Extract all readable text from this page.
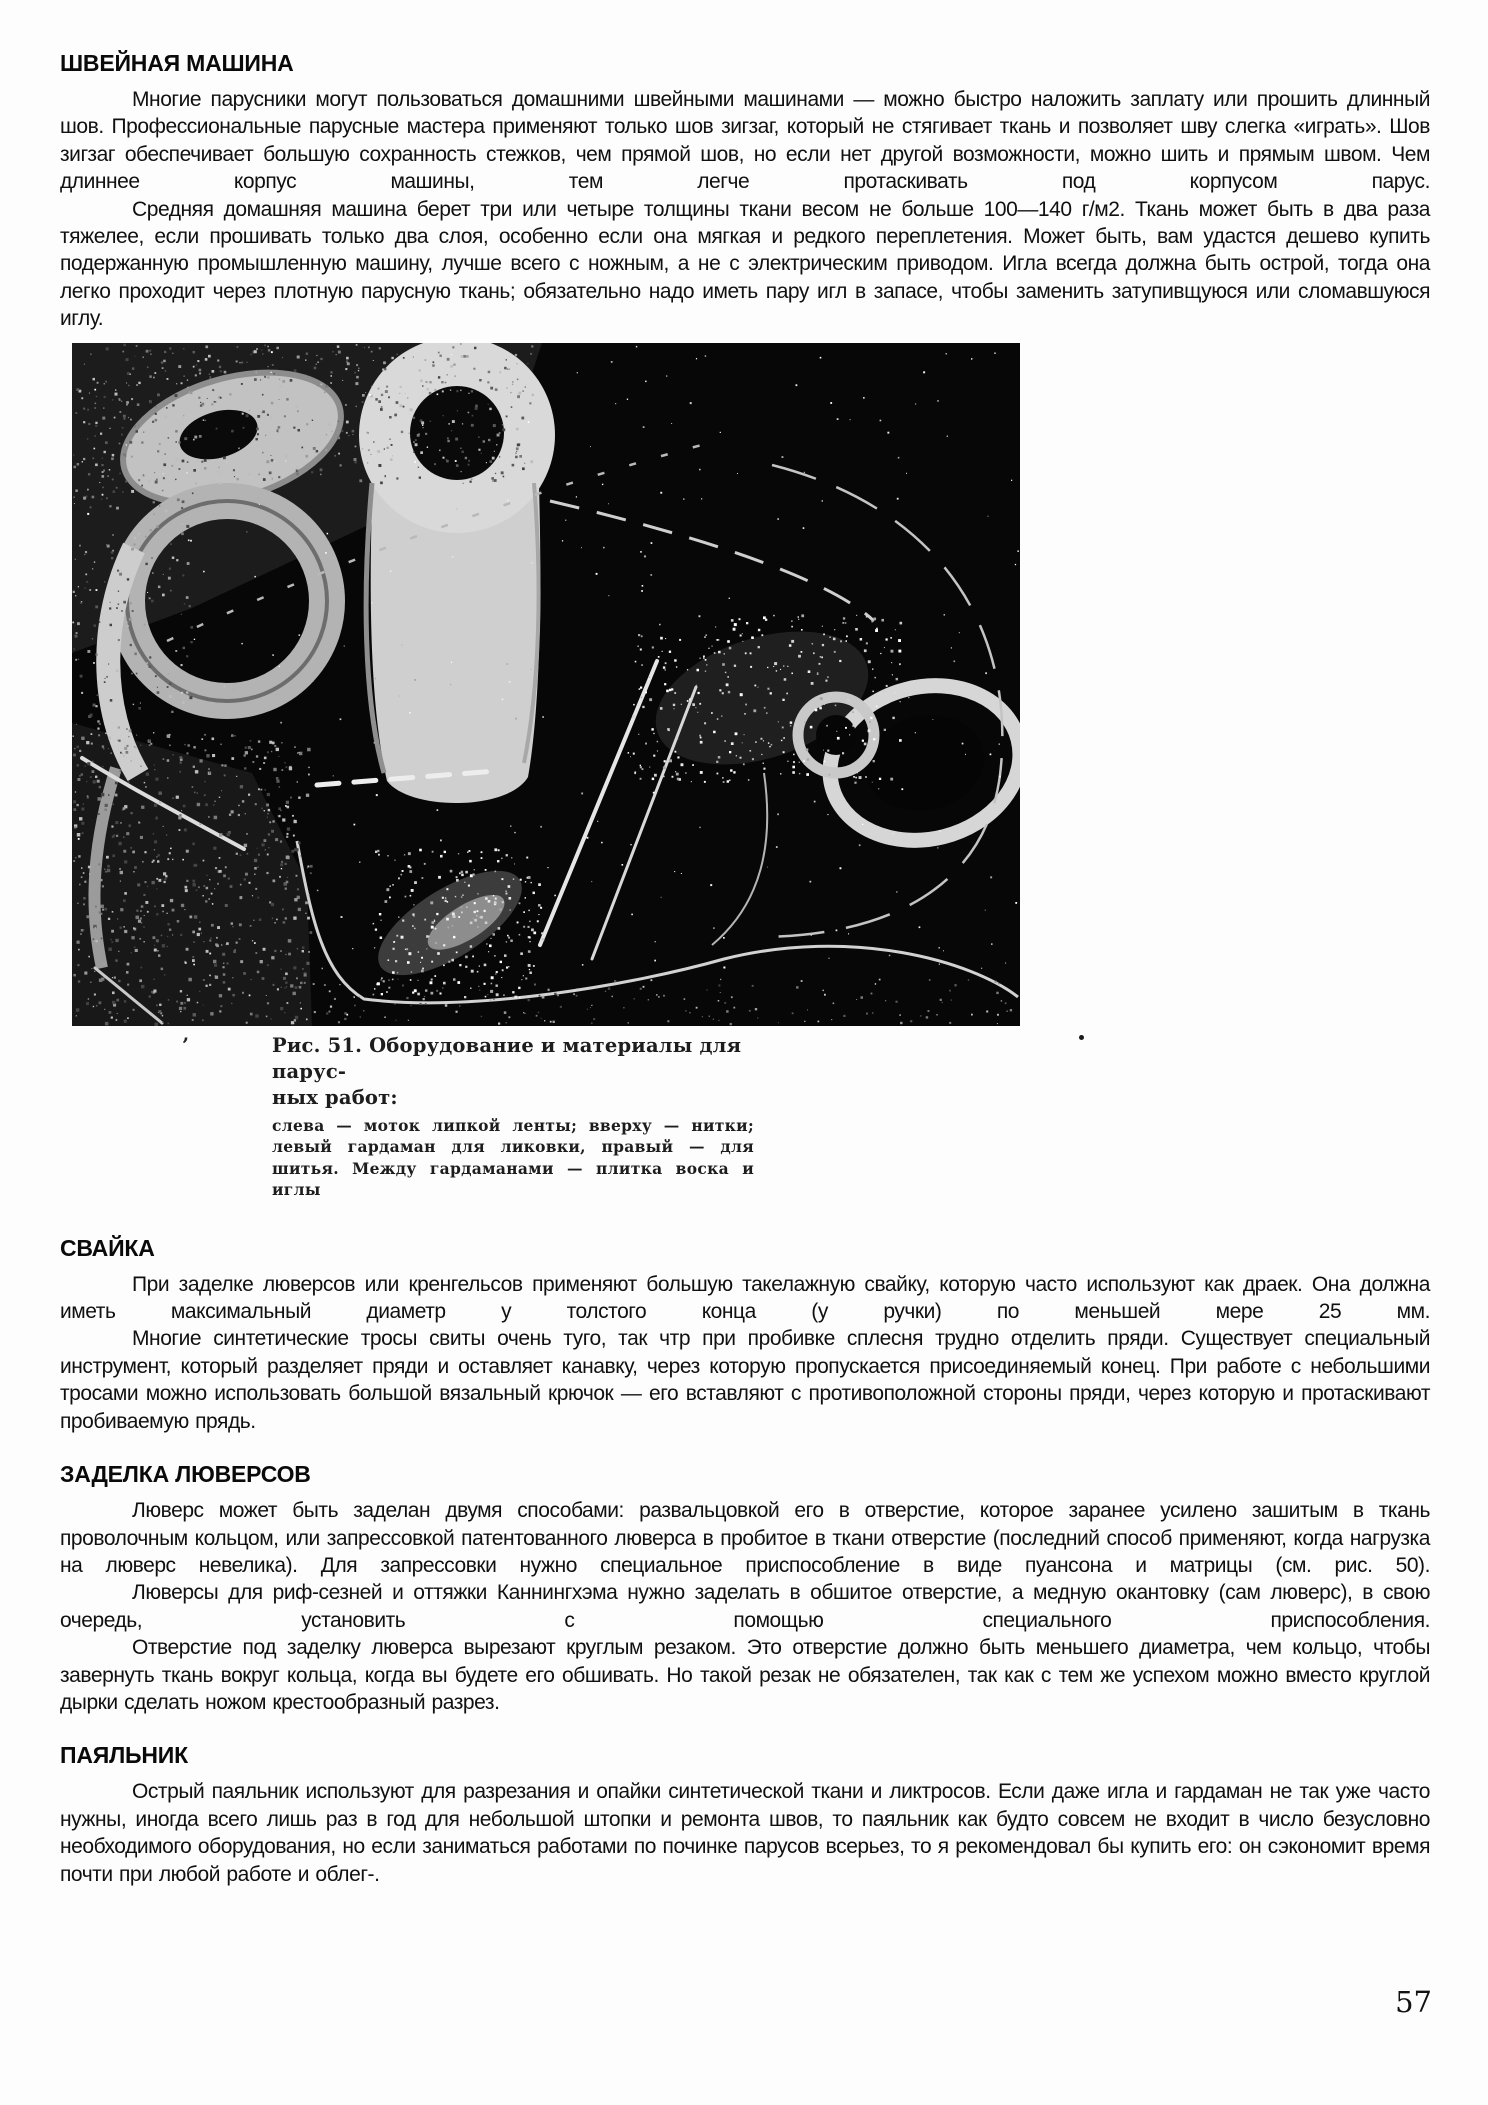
ШВЕЙНАЯ МАШИНА

Многие парусники могут пользоваться домашними швейными машинами — можно быстро наложить заплату или прошить длинный шов. Профессиональные парусные мастера применяют только шов зигзаг, который не стягивает ткань и позволяет шву слегка «играть». Шов зигзаг обеспечивает большую сохранность стежков, чем прямой шов, но если нет другой возможности, можно шить и прямым швом. Чем длиннее корпус машины, тем легче протаскивать под корпусом парус.

Средняя домашняя машина берет три или четыре толщины ткани весом не больше 100—140 г/м2. Ткань может быть в два раза тяжелее, если прошивать только два слоя, особенно если она мягкая и редкого переплетения. Может быть, вам удастся дешево купить подержанную промышленную машину, лучше всего с ножным, а не с электрическим приводом. Игла всегда должна быть острой, тогда она легко проходит через плотную парусную ткань; обязательно надо иметь пару игл в запасе, чтобы заменить затупивщуюся или сломавшуюся иглу.

’	Рис. 51. Оборудование и материалы для парус-
ных работ:
слева — моток липкой ленты; вверху — нитки; левый гардаман для ликовки, правый — для шитья. Между гардаманами — плитка воска и иглы
СВАЙКА

При заделке люверсов или кренгельсов применяют большую такелажную свайку, которую часто используют как драек. Она должна иметь максимальный диаметр у толстого конца (у ручки) по меньшей мере 25 мм.

Многие синтетические тросы свиты очень туго, так чтр при пробивке сплесня трудно отделить пряди. Существует специальный инструмент, который разделяет пряди и оставляет канавку, через которую пропускается присоединяемый конец. При работе с небольшими тросами можно использовать большой вязальный крючок — его вставляют с противоположной стороны пряди, через которую и протаскивают пробиваемую прядь.

ЗАДЕЛКА ЛЮВЕРСОВ

Люверс может быть заделан двумя способами: развальцовкой его в отверстие, которое заранее усилено зашитым в ткань проволочным кольцом, или запрессовкой патентованного люверса в пробитое в ткани отверстие (последний способ применяют, когда нагрузка на люверс невелика). Для запрессовки нужно специальное приспособление в виде пуансона и матрицы (см. рис. 50).

Люверсы для риф-сезней и оттяжки Каннингхэма нужно заделать в обшитое отверстие, а медную окантовку (сам люверс), в свою очередь, установить с помощью специального приспособления.

Отверстие под заделку люверса вырезают круглым резаком. Это отверстие должно быть меньшего диаметра, чем кольцо, чтобы завернуть ткань вокруг кольца, когда вы будете его обшивать. Но такой резак не обязателен, так как с тем же успехом можно вместо круглой дырки сделать ножом крестообразный разрез.

ПАЯЛЬНИК

Острый паяльник используют для разрезания и опайки синтетической ткани и ликтросов. Если даже игла и гардаман не так уже часто нужны, иногда всего лишь раз в год для небольшой штопки и ремонта швов, то паяльник как будто совсем не входит в число безусловно необходимого оборудования, но если заниматься работами по починке парусов всерьез, то я рекомендовал бы купить его: он сэкономит время почти при любой работе и облег-.

57
